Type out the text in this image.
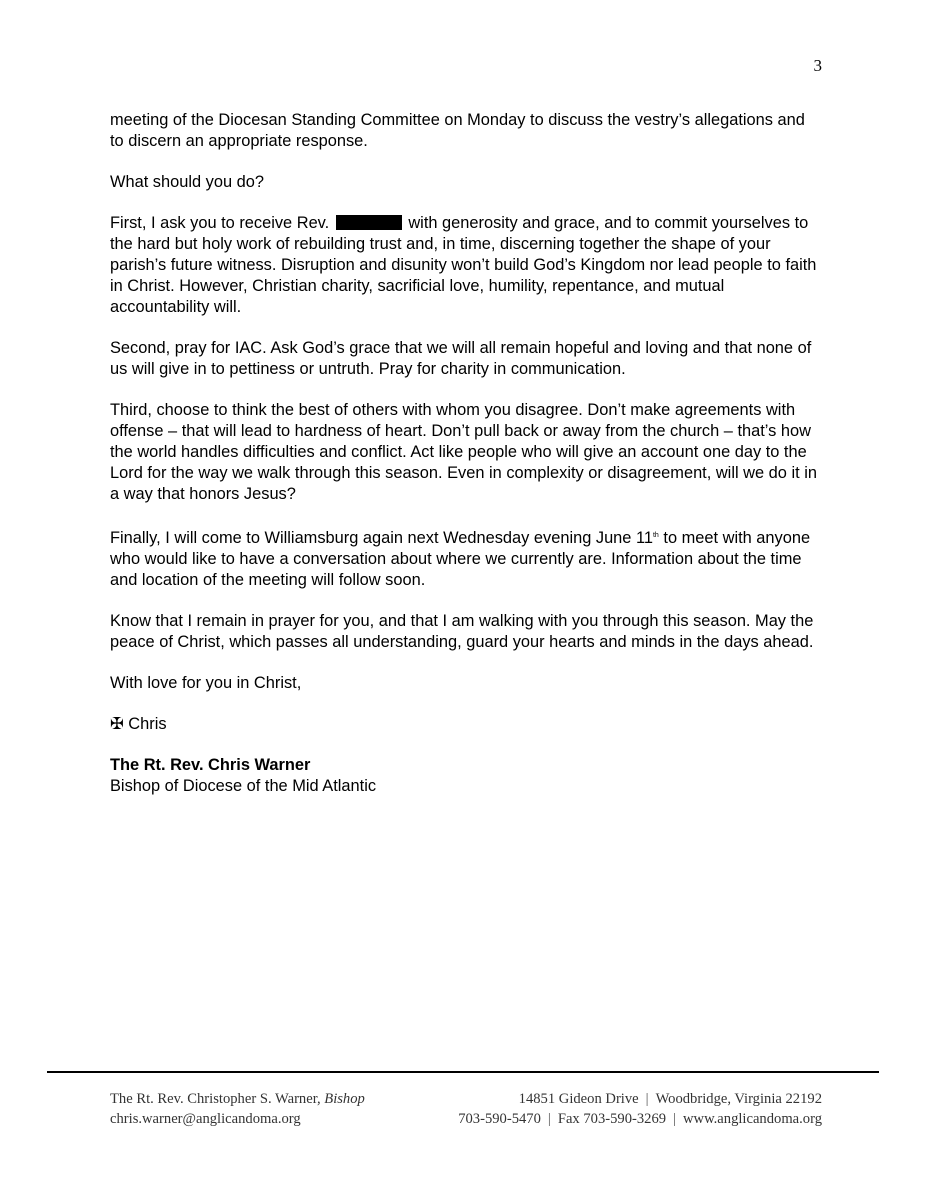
3

meeting of the Diocesan Standing Committee on Monday to discuss the vestry’s allegations and to discern an appropriate response.

What should you do?

First, I ask you to receive Rev.	with generosity and grace, and to commit yourselves to the hard but holy work of rebuilding trust and, in time, discerning together the shape of your parish’s future witness. Disruption and disunity won’t build God’s Kingdom nor lead people to faith in Christ. However, Christian charity, sacrificial love, humility, repentance, and mutual accountability will.

Second, pray for IAC. Ask God’s grace that we will all remain hopeful and loving and that none of us will give in to pettiness or untruth. Pray for charity in communication.

Third, choose to think the best of others with whom you disagree. Don’t make agreements with offense – that will lead to hardness of heart. Don’t pull back or away from the church – that’s how the world handles difficulties and conflict. Act like people who will give an account one day to the Lord for the way we walk through this season. Even in complexity or disagreement, will we do it in a way that honors Jesus?

Finally, I will come to Williamsburg again next Wednesday evening June 11th to meet with anyone who would like to have a conversation about where we currently are. Information about the time and location of the meeting will follow soon.

Know that I remain in prayer for you, and that I am walking with you through this season. May the peace of Christ, which passes all understanding, guard your hearts and minds in the days ahead.

With love for you in Christ,
✠ Chris
The Rt. Rev. Chris Warner
Bishop of Diocese of the Mid Atlantic
The Rt. Rev. Christopher S. Warner, Bishop	14851 Gideon Drive | Woodbridge, Virginia 22192
chris.warner@anglicandoma.org	703-590-5470 | Fax 703-590-3269 | www.anglicandoma.org
